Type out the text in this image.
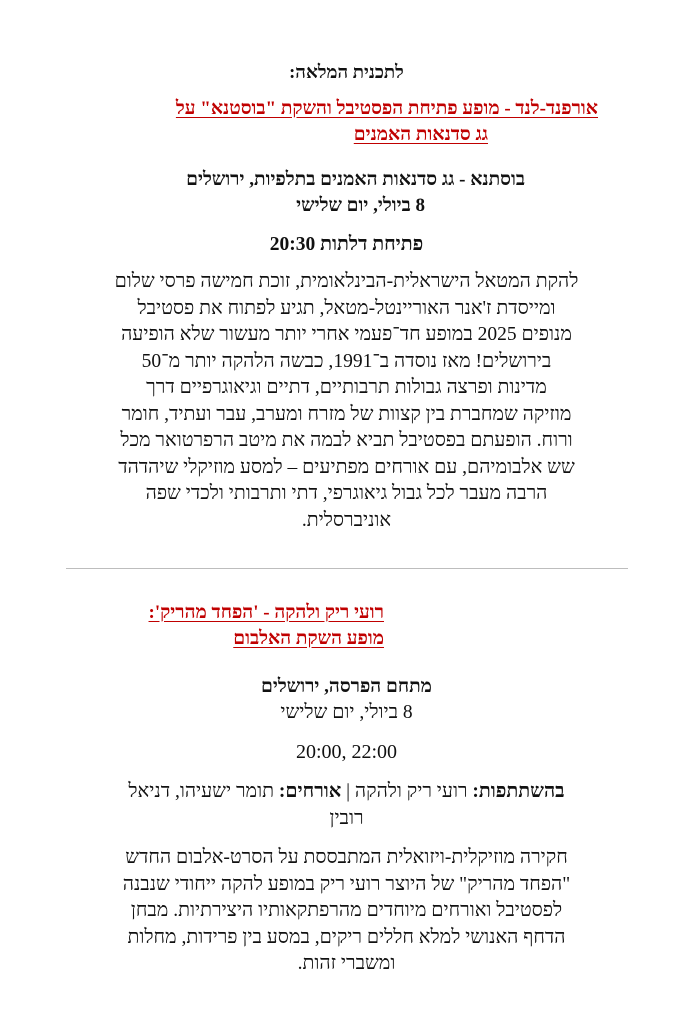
לתכנית המלאה:
אורפנד-לנד - מופע פתיחת הפסטיבל והשקת "בוסטנא" על
גג סדנאות האמנים
בוסתנא - גג סדנאות האמנים בתלפיות, ירושלים
8 ביולי, יום שלישי
פתיחת דלתות 20:30
להקת המטאל הישראלית-הבינלאומית, זוכת חמישה פרסי שלום
ומייסדת ז'אנר האוריינטל-מטאל, תגיע לפתוח את פסטיבל
מנופים 2025 במופע חד־פעמי אחרי יותר מעשור שלא הופיעה
בירושלים! מאז נוסדה ב־1991, כבשה הלהקה יותר מ־50
מדינות ופרצה גבולות תרבותיים, דתיים וגיאוגרפיים דרך
מוזיקה שמחברת בין קצוות של מזרח ומערב, עבר ועתיד, חומר
ורוח. הופעתם בפסטיבל תביא לבמה את מיטב הרפרטואר מכל
שש אלבומיהם, עם אורחים מפתיעים – למסע מוזיקלי שיהדהד
הרבה מעבר לכל גבול גיאוגרפי, דתי ותרבותי ולכדי שפה
אוניברסלית.
רועי ריק ולהקה - 'הפחד מהריק':
מופע השקת האלבום
מתחם הפרסה, ירושלים
8 ביולי, יום שלישי
20:00, 22:00
בהשתתפות: רועי ריק ולהקה | אורחים: תומר ישעיהו, דניאל
רובין
חקירה מוזיקלית-ויזואלית המתבססת על הסרט-אלבום החדש
"הפחד מהריק" של היוצר רועי ריק במופע להקה ייחודי שנבנה
לפסטיבל ואורחים מיוחדים מהרפתקאותיו היצירתיות. מבחן
הדחף האנושי למלא חללים ריקים, במסע בין פרידות, מחלות
ומשברי זהות.
